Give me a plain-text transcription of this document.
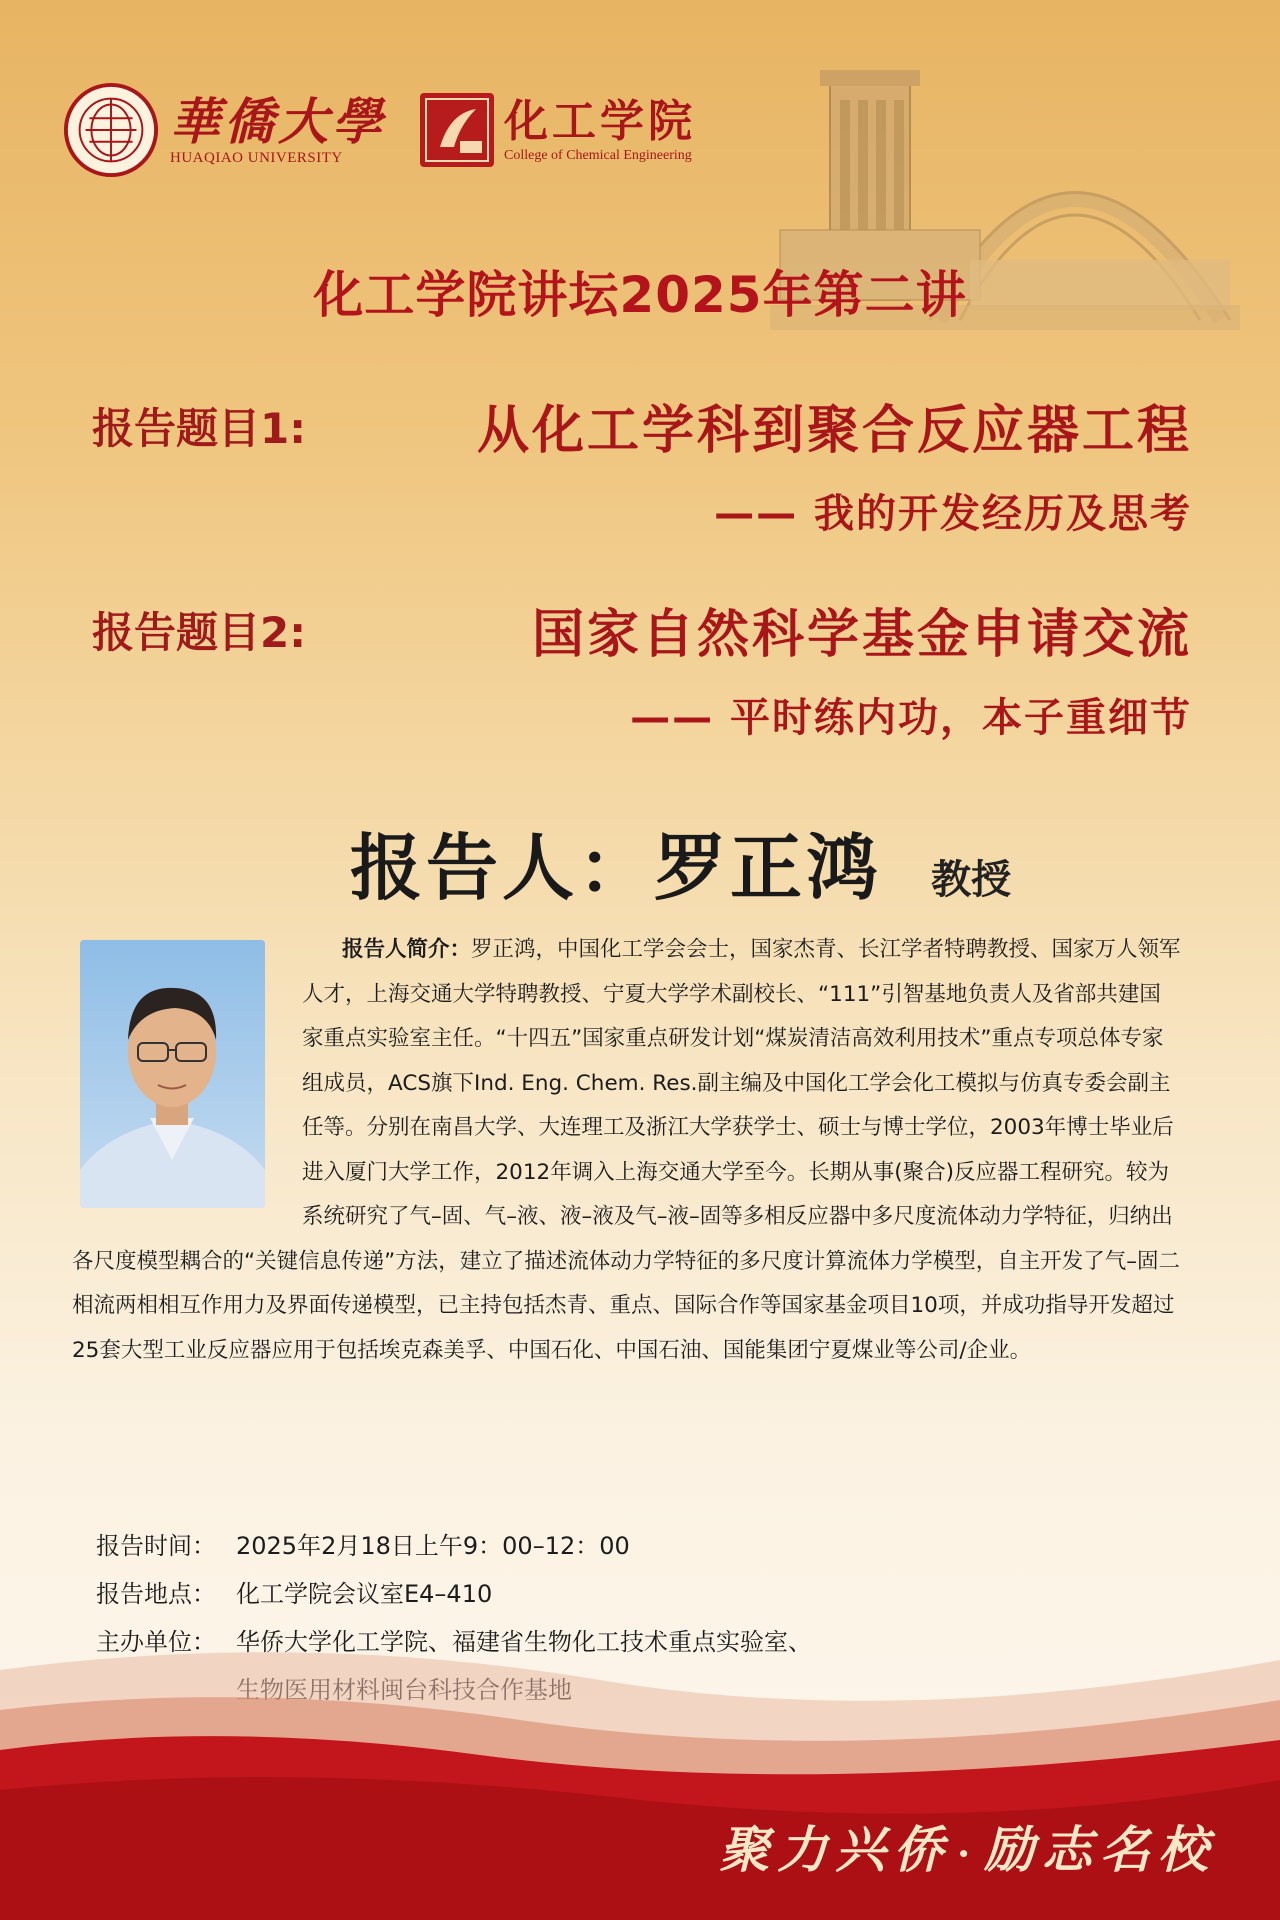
華僑大學
HUAQIAO UNIVERSITY
化工学院
College of Chemical Engineering
化工学院讲坛2025年第二讲
报告题目1:	从化工学科到聚合反应器工程
—— 我的开发经历及思考
报告题目2:	国家自然科学基金申请交流
—— 平时练内功，本子重细节
报告人：罗正鸿 教授
报告人简介：罗正鸿，中国化工学会会士，国家杰青、长江学者特聘教授、国家万人领军人才，上海交通大学特聘教授、宁夏大学学术副校长、“111”引智基地负责人及省部共建国家重点实验室主任。“十四五”国家重点研发计划“煤炭清洁高效利用技术”重点专项总体专家组成员，ACS旗下Ind. Eng. Chem. Res.副主编及中国化工学会化工模拟与仿真专委会副主任等。分别在南昌大学、大连理工及浙江大学获学士、硕士与博士学位，2003年博士毕业后进入厦门大学工作，2012年调入上海交通大学至今。长期从事(聚合)反应器工程研究。较为系统研究了气–固、气–液、液–液及气–液–固等多相反应器中多尺度流体动力学特征，归纳出各尺度模型耦合的“关键信息传递”方法，建立了描述流体动力学特征的多尺度计算流体力学模型，自主开发了气–固二相流两相相互作用力及界面传递模型，已主持包括杰青、重点、国际合作等国家基金项目10项，并成功指导开发超过25套大型工业反应器应用于包括埃克森美孚、中国石化、中国石油、国能集团宁夏煤业等公司/企业。
报告时间： 2025年2月18日上午9：00–12：00
报告地点： 化工学院会议室E4–410
主办单位： 华侨大学化工学院、福建省生物化工技术重点实验室、
聚力兴侨 • 励志名校
